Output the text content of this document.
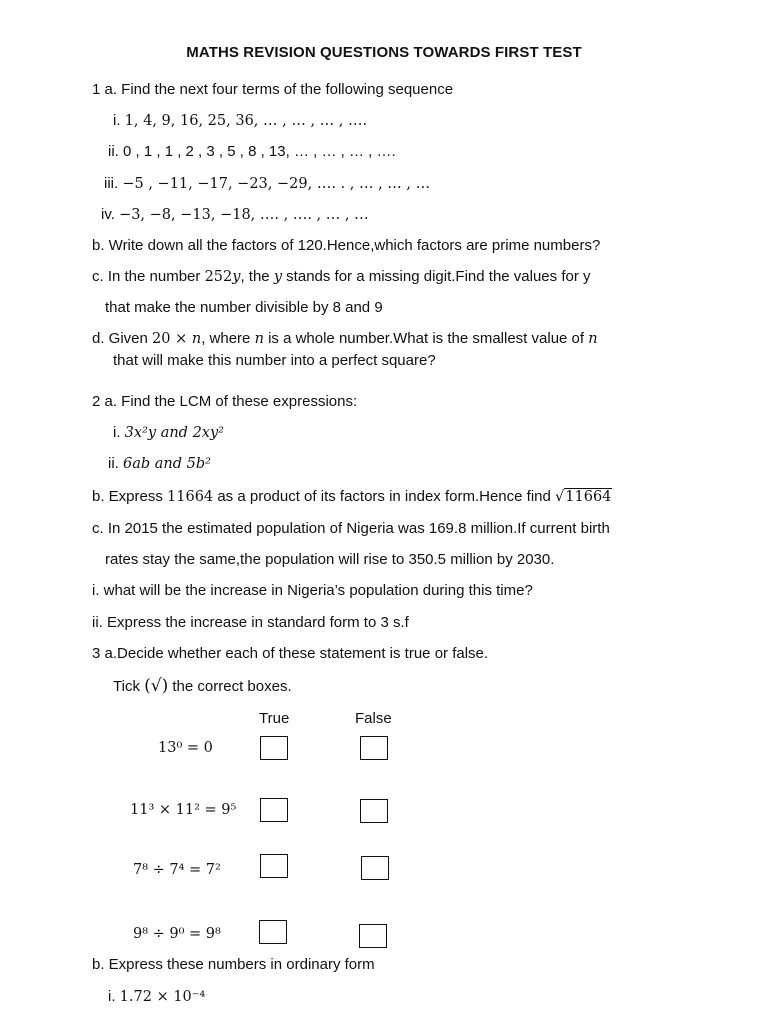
MATHS REVISION QUESTIONS TOWARDS FIRST TEST
1 a. Find the next four terms of the following sequence
i. 1, 4, 9, 16, 25, 36, … , … , … , ….
ii. 0 , 1 , 1 , 2 , 3 , 5 , 8 , 13, … , … , … , ….
iii. −5 , −11, −17, −23, −29, …. . , … , … , …
iv. −3, −8, −13, −18, …. , …. , … , …
b. Write down all the factors of 120.Hence,which factors are prime numbers?
c. In the number 252y, the y stands for a missing digit.Find the values for y
that make the number divisible by 8 and 9
d. Given 20 × n, where n is a whole number.What is the smallest value of n
that will make this number into a perfect square?
2 a. Find the LCM of these expressions:
i. 3x²y and 2xy²
ii. 6ab and 5b²
b. Express 11664 as a product of its factors in index form.Hence find √11664
c. In 2015 the estimated population of Nigeria was 169.8 million.If current birth
rates stay the same,the population will rise to 350.5 million by 2030.
i. what will be the increase in Nigeria’s population during this time?
ii. Express the increase in standard form to 3 s.f
3 a.Decide whether each of these statement is true or false.
Tick (√) the correct boxes.
True	False
13⁰ = 0
11³ × 11² = 9⁵
7⁸ ÷ 7⁴ = 7²
9⁸ ÷ 9⁰ = 9⁸
b. Express these numbers in ordinary form
i. 1.72 × 10⁻⁴
